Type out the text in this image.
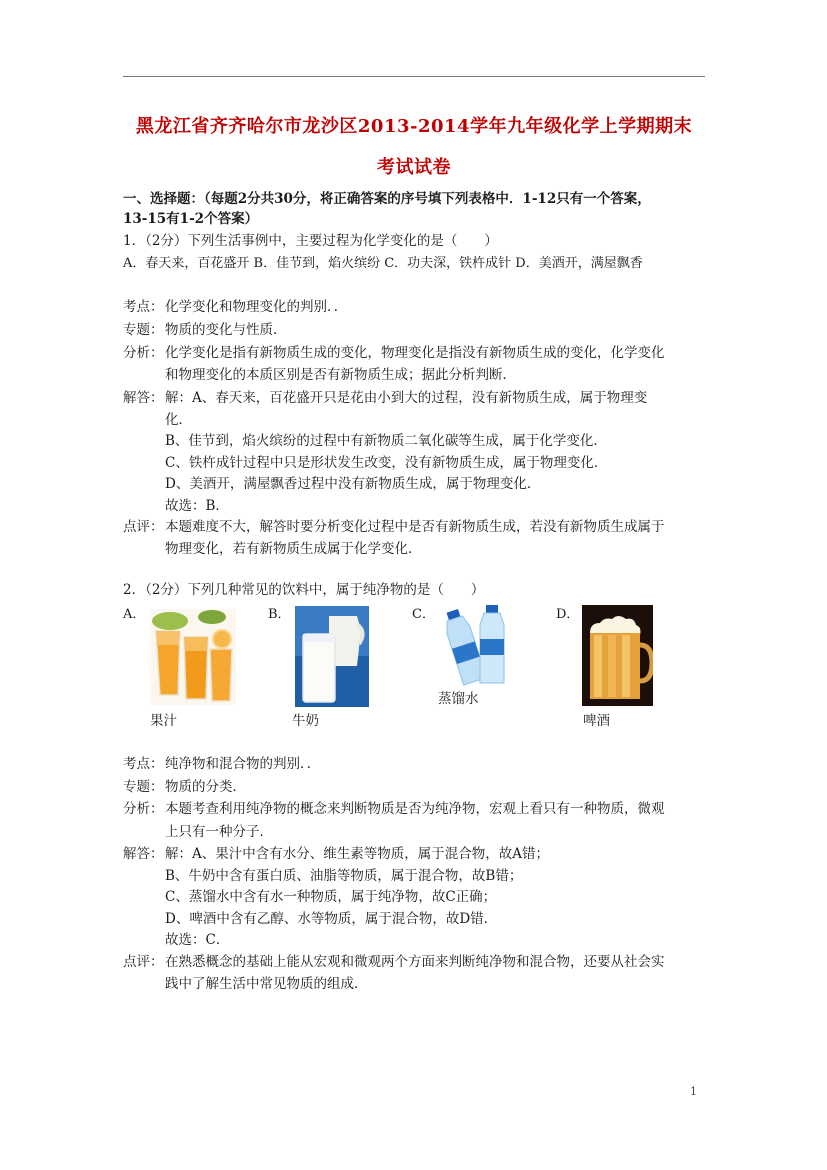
黑龙江省齐齐哈尔市龙沙区2013-2014学年九年级化学上学期期末
考试试卷
一、选择题：（每题2分共30分，将正确答案的序号填下列表格中．1-12只有一个答案，
13-15有1-2个答案）
1．（2分）下列生活事例中，主要过程为化学变化的是（　　）
A．春天来，百花盛开 B．佳节到，焰火缤纷 C．功夫深，铁杵成针 D．美酒开，满屋飘香
考点： 化学变化和物理变化的判别．．
专题： 物质的变化与性质．
分析： 化学变化是指有新物质生成的变化，物理变化是指没有新物质生成的变化，化学变化
和物理变化的本质区别是否有新物质生成；据此分析判断．
解答： 解：A、春天来，百花盛开只是花由小到大的过程，没有新物质生成，属于物理变
化．
B、佳节到，焰火缤纷的过程中有新物质二氧化碳等生成，属于化学变化．
C、铁杵成针过程中只是形状发生改变，没有新物质生成，属于物理变化．
D、美酒开，满屋飘香过程中没有新物质生成，属于物理变化．
故选：B．
点评： 本题难度不大，解答时要分析变化过程中是否有新物质生成，若没有新物质生成属于
物理变化，若有新物质生成属于化学变化．
2．（2分）下列几种常见的饮料中，属于纯净物的是（　　）
A．	B．	C．	D．
蒸馏水
果汁	牛奶	啤酒
考点： 纯净物和混合物的判别．．
专题： 物质的分类．
分析： 本题考查利用纯净物的概念来判断物质是否为纯净物，宏观上看只有一种物质，微观
上只有一种分子．
解答： 解：A、果汁中含有水分、维生素等物质，属于混合物，故A错；
B、牛奶中含有蛋白质、油脂等物质，属于混合物，故B错；
C、蒸馏水中含有水一种物质，属于纯净物，故C正确；
D、啤酒中含有乙醇、水等物质，属于混合物，故D错．
故选：C．
点评： 在熟悉概念的基础上能从宏观和微观两个方面来判断纯净物和混合物，还要从社会实
践中了解生活中常见物质的组成．
1
